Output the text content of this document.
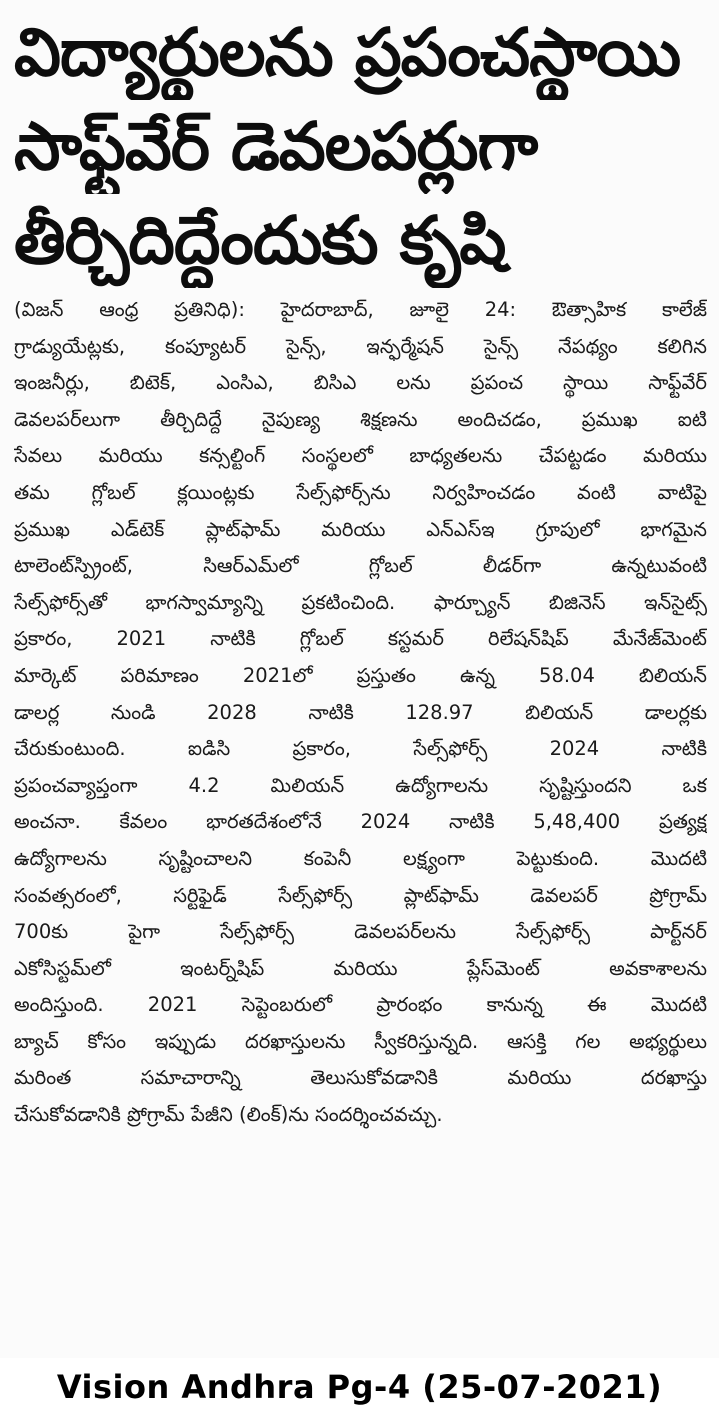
విద్యార్థులను ప్రపంచస్థాయి
సాఫ్ట్‌వేర్ డెవలపర్లుగా
తీర్చిదిద్దేందుకు కృషి
(విజన్ ఆంధ్ర ప్రతినిధి): హైదరాబాద్, జూలై 24: ఔత్సాహిక కాలేజ్
గ్రాడ్యుయేట్లకు, కంప్యూటర్ సైన్స్, ఇన్ఫర్మేషన్ సైన్స్ నేపథ్యం కలిగిన
ఇంజనీర్లు, బిటెక్, ఎంసిఎ, బిసిఎ లను ప్రపంచ స్థాయి సాఫ్ట్‌వేర్
డెవలపర్‌లుగా తీర్చిదిద్దే నైపుణ్య శిక్షణను అందిచడం, ప్రముఖ ఐటి
సేవలు మరియు కన్సల్టింగ్ సంస్థలలో బాధ్యతలను చేపట్టడం మరియు
తమ గ్లోబల్ క్లయింట్లకు సేల్స్‌ఫోర్స్‌ను నిర్వహించడం వంటి వాటిపై
ప్రముఖ ఎడ్‌టెక్ ప్లాట్‌ఫామ్ మరియు ఎన్ఎస్ఇ గ్రూపులో భాగమైన
టాలెంట్‌స్ప్రింట్, సిఆర్ఎమ్‌లో గ్లోబల్ లీడర్‌గా ఉన్నటువంటి
సేల్స్‌ఫోర్స్‌తో భాగస్వామ్యాన్ని ప్రకటించింది. ఫార్చ్యూన్ బిజినెస్ ఇన్‌సైట్స్
ప్రకారం, 2021 నాటికి గ్లోబల్ కస్టమర్ రిలేషన్‌షిప్ మేనేజ్‌మెంట్
మార్కెట్ పరిమాణం 2021లో ప్రస్తుతం ఉన్న 58.04 బిలియన్
డాలర్ల నుండి 2028 నాటికి 128.97 బిలియన్ డాలర్లకు
చేరుకుంటుంది. ఐడిసి ప్రకారం, సేల్స్‌ఫోర్స్ 2024 నాటికి
ప్రపంచవ్యాప్తంగా 4.2 మిలియన్ ఉద్యోగాలను సృష్టిస్తుందని ఒక
అంచనా. కేవలం భారతదేశంలోనే 2024 నాటికి 5,48,400 ప్రత్యక్ష
ఉద్యోగాలను సృష్టించాలని కంపెనీ లక్ష్యంగా పెట్టుకుంది. మొదటి
సంవత్సరంలో, సర్టిఫైడ్ సేల్స్‌ఫోర్స్ ప్లాట్‌ఫామ్ డెవలపర్ ప్రోగ్రామ్
700కు పైగా సేల్స్‌ఫోర్స్ డెవలపర్‌లను సేల్స్‌ఫోర్స్ పార్ట్‌నర్
ఎకోసిస్టమ్‌లో ఇంటర్న్‌షిప్ మరియు ప్లేస్‌మెంట్ అవకాశాలను
అందిస్తుంది. 2021 సెప్టెంబరులో ప్రారంభం కానున్న ఈ మొదటి
బ్యాచ్ కోసం ఇప్పుడు దరఖాస్తులను స్వీకరిస్తున్నది. ఆసక్తి గల అభ్యర్థులు
మరింత సమాచారాన్ని తెలుసుకోవడానికి మరియు దరఖాస్తు
చేసుకోవడానికి ప్రోగ్రామ్ పేజీని (లింక్)ను సందర్శించవచ్చు.
Vision Andhra Pg-4 (25-07-2021)
